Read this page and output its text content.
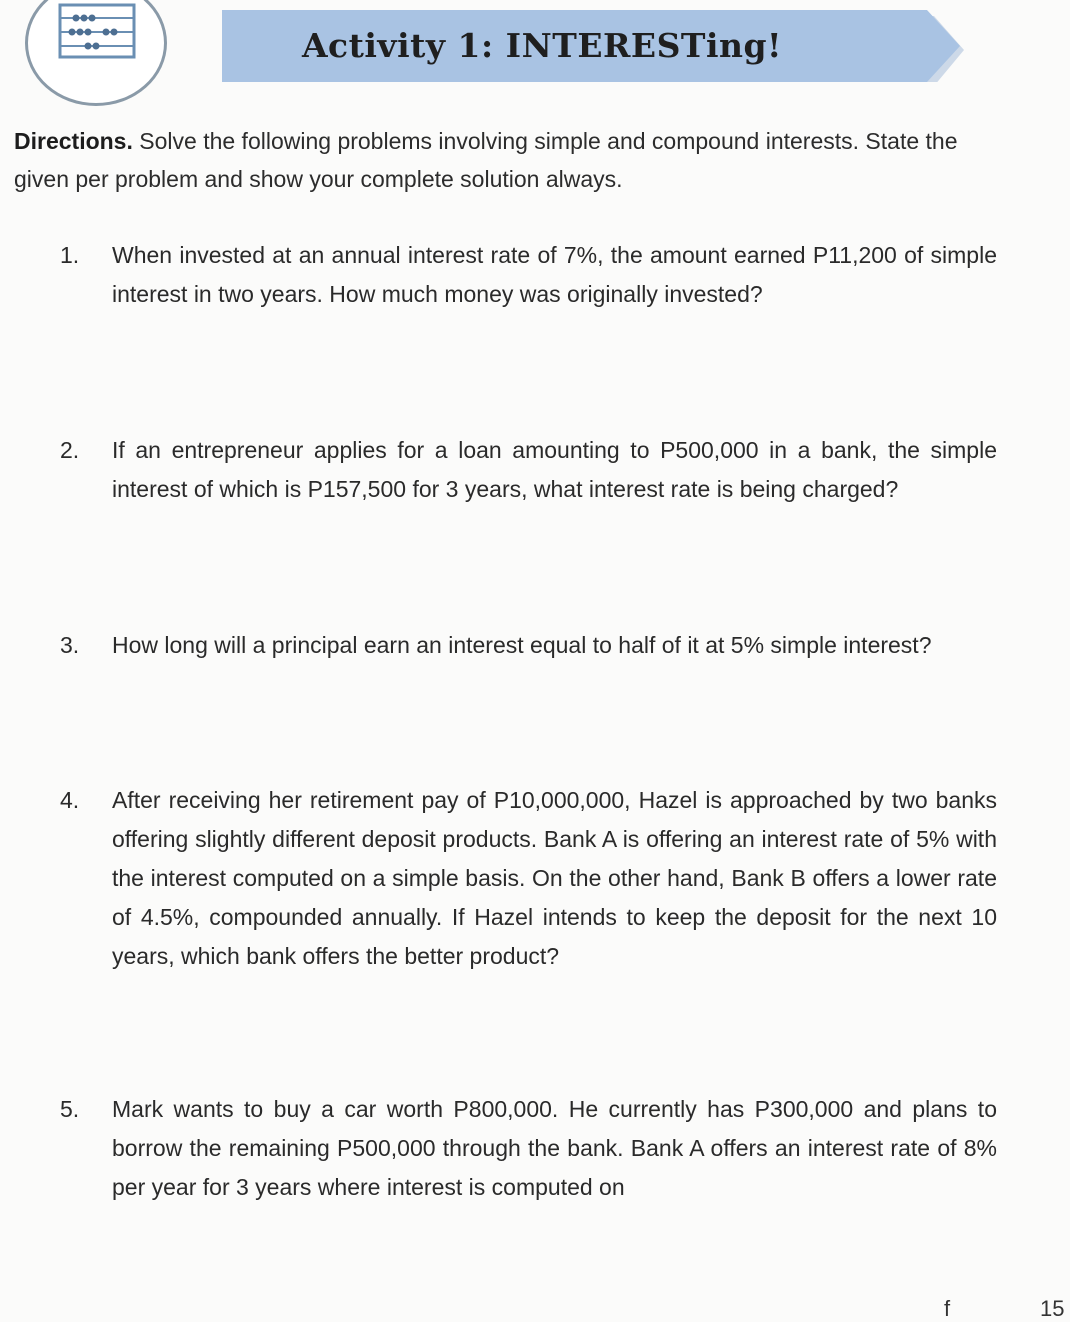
Activity 1: INTERESTing!
Directions. Solve the following problems involving simple and compound interests. State the given per problem and show your complete solution always.
1.	When invested at an annual interest rate of 7%, the amount earned P11,200 of simple interest in two years. How much money was originally invested?
2.	If an entrepreneur applies for a loan amounting to P500,000 in a bank, the simple interest of which is P157,500 for 3 years, what interest rate is being charged?
3.	How long will a principal earn an interest equal to half of it at 5% simple interest?
4.	After receiving her retirement pay of P10,000,000, Hazel is approached by two banks offering slightly different deposit products. Bank A is offering an interest rate of 5% with the interest computed on a simple basis. On the other hand, Bank B offers a lower rate of 4.5%, compounded annually. If Hazel intends to keep the deposit for the next 10 years, which bank offers the better product?
5.	Mark wants to buy a car worth P800,000. He currently has P300,000 and plans to borrow the remaining P500,000 through the bank. Bank A offers an interest rate of 8% per year for 3 years where interest is computed on
f	15
